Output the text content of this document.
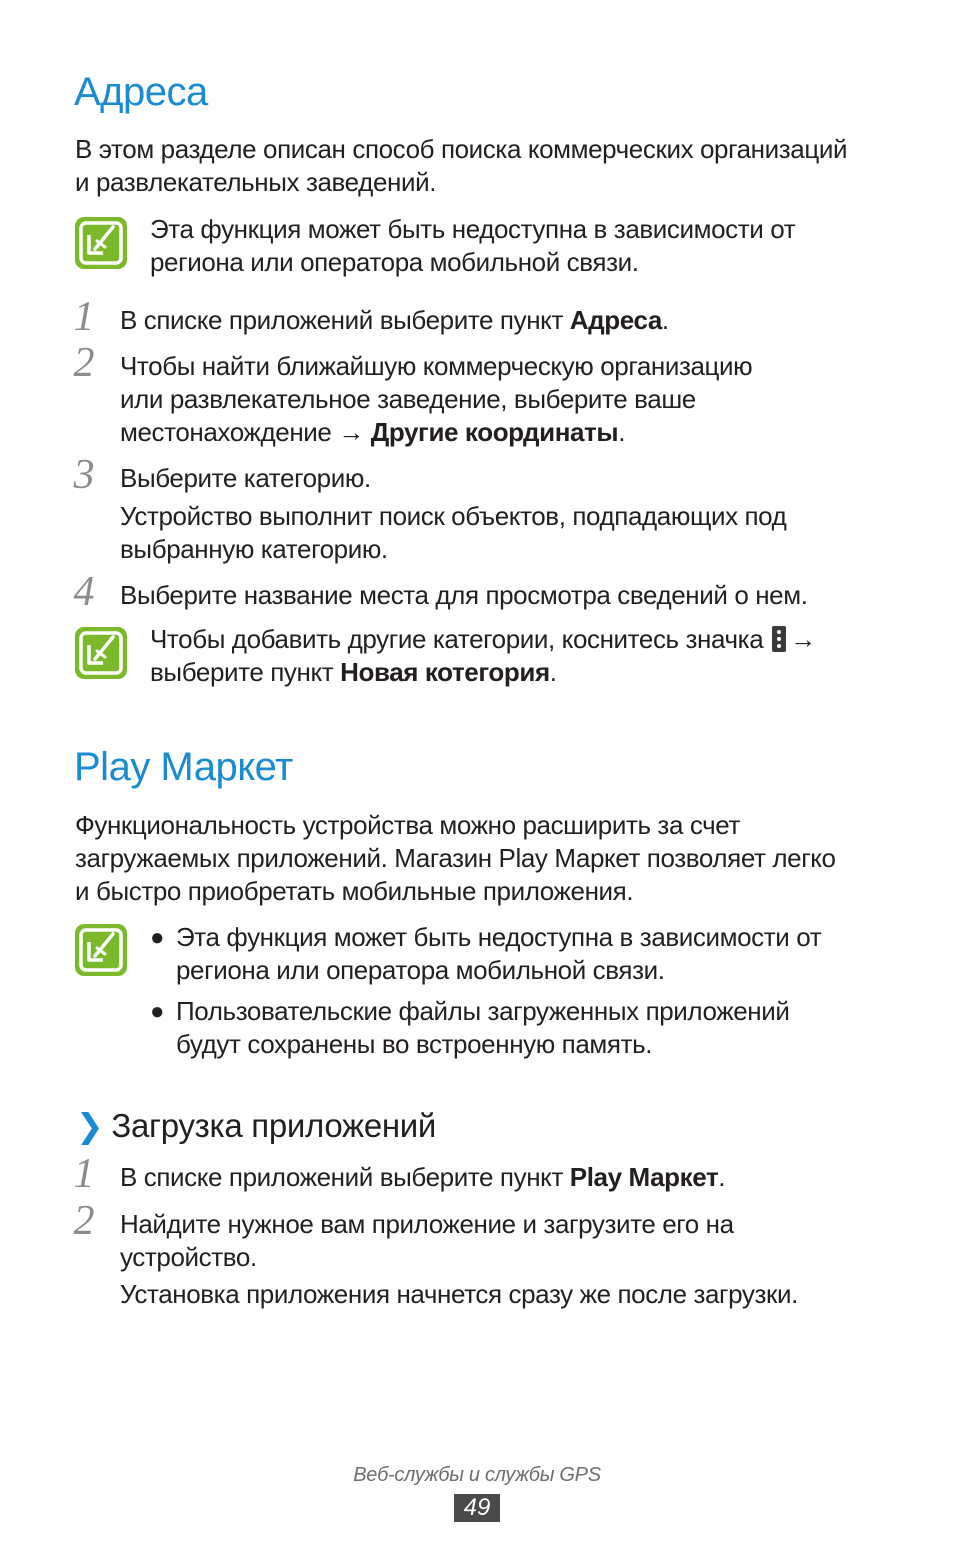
Адреса
В этом разделе описан способ поиска коммерческих организаций
и развлекательных заведений.
Эта функция может быть недоступна в зависимости от
региона или оператора мобильной связи.
1 В списке приложений выберите пункт Адреса.
2 Чтобы найти ближайшую коммерческую организацию
или развлекательное заведение, выберите ваше
местонахождение → Другие координаты.
3 Выберите категорию.
Устройство выполнит поиск объектов, подпадающих под
выбранную категорию.
4 Выберите название места для просмотра сведений о нем.
Чтобы добавить другие категории, коснитесь значка →
выберите пункт Новая котегория.
Play Маркет
Функциональность устройства можно расширить за счет
загружаемых приложений. Магазин Play Маркет позволяет легко
и быстро приобретать мобильные приложения.
● Эта функция может быть недоступна в зависимости от
региона или оператора мобильной связи.
● Пользовательские файлы загруженных приложений
будут сохранены во встроенную память.
❯ Загрузка приложений
1 В списке приложений выберите пункт Play Маркет.
2 Найдите нужное вам приложение и загрузите его на
устройство.
Установка приложения начнется сразу же после загрузки.
Веб-службы и службы GPS
49
